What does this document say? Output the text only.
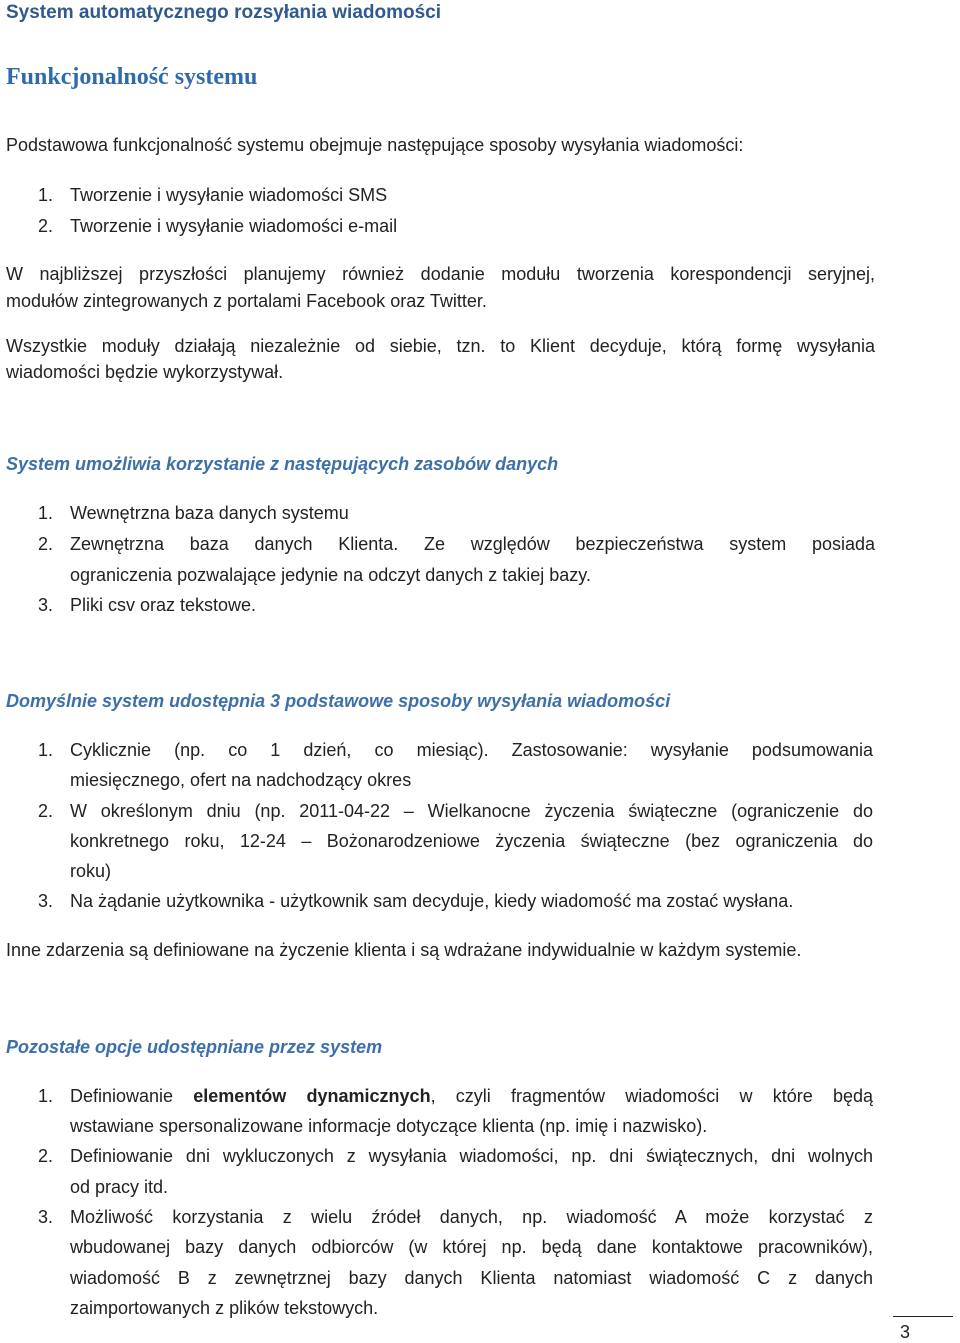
System automatycznego rozsyłania wiadomości
Funkcjonalność systemu

Podstawowa funkcjonalność systemu obejmuje następujące sposoby wysyłania wiadomości:

1. Tworzenie i wysyłanie wiadomości SMS
2. Tworzenie i wysyłanie wiadomości e-mail

W najbliższej przyszłości planujemy również dodanie modułu tworzenia korespondencji seryjnej,

modułów zintegrowanych z portalami Facebook oraz Twitter.

Wszystkie moduły działają niezależnie od siebie, tzn. to Klient decyduje, którą formę wysyłania

wiadomości będzie wykorzystywał.

System umożliwia korzystanie z następujących zasobów danych
1. Wewnętrzna baza danych systemu
2. Zewnętrzna baza danych Klienta. Ze względów bezpieczeństwa system posiada
ograniczenia pozwalające jedynie na odczyt danych z takiej bazy.
3. Pliki csv oraz tekstowe.
Domyślnie system udostępnia 3 podstawowe sposoby wysyłania wiadomości
1. Cyklicznie (np. co 1 dzień, co miesiąc). Zastosowanie: wysyłanie podsumowania
miesięcznego, ofert na nadchodzący okres
2. W określonym dniu (np. 2011-04-22 – Wielkanocne życzenia świąteczne (ograniczenie do
konkretnego roku, 12-24 – Bożonarodzeniowe życzenia świąteczne (bez ograniczenia do
roku)
3. Na żądanie użytkownika - użytkownik sam decyduje, kiedy wiadomość ma zostać wysłana.

Inne zdarzenia są definiowane na życzenie klienta i są wdrażane indywidualnie w każdym systemie.

Pozostałe opcje udostępniane przez system
1. Definiowanie elementów dynamicznych, czyli fragmentów wiadomości w które będą
wstawiane spersonalizowane informacje dotyczące klienta (np. imię i nazwisko).
2. Definiowanie dni wykluczonych z wysyłania wiadomości, np. dni świątecznych, dni wolnych
od pracy itd.
3. Możliwość korzystania z wielu źródeł danych, np. wiadomość A może korzystać z
wbudowanej bazy danych odbiorców (w której np. będą dane kontaktowe pracowników),
wiadomość B z zewnętrznej bazy danych Klienta natomiast wiadomość C z danych
zaimportowanych z plików tekstowych.
3
